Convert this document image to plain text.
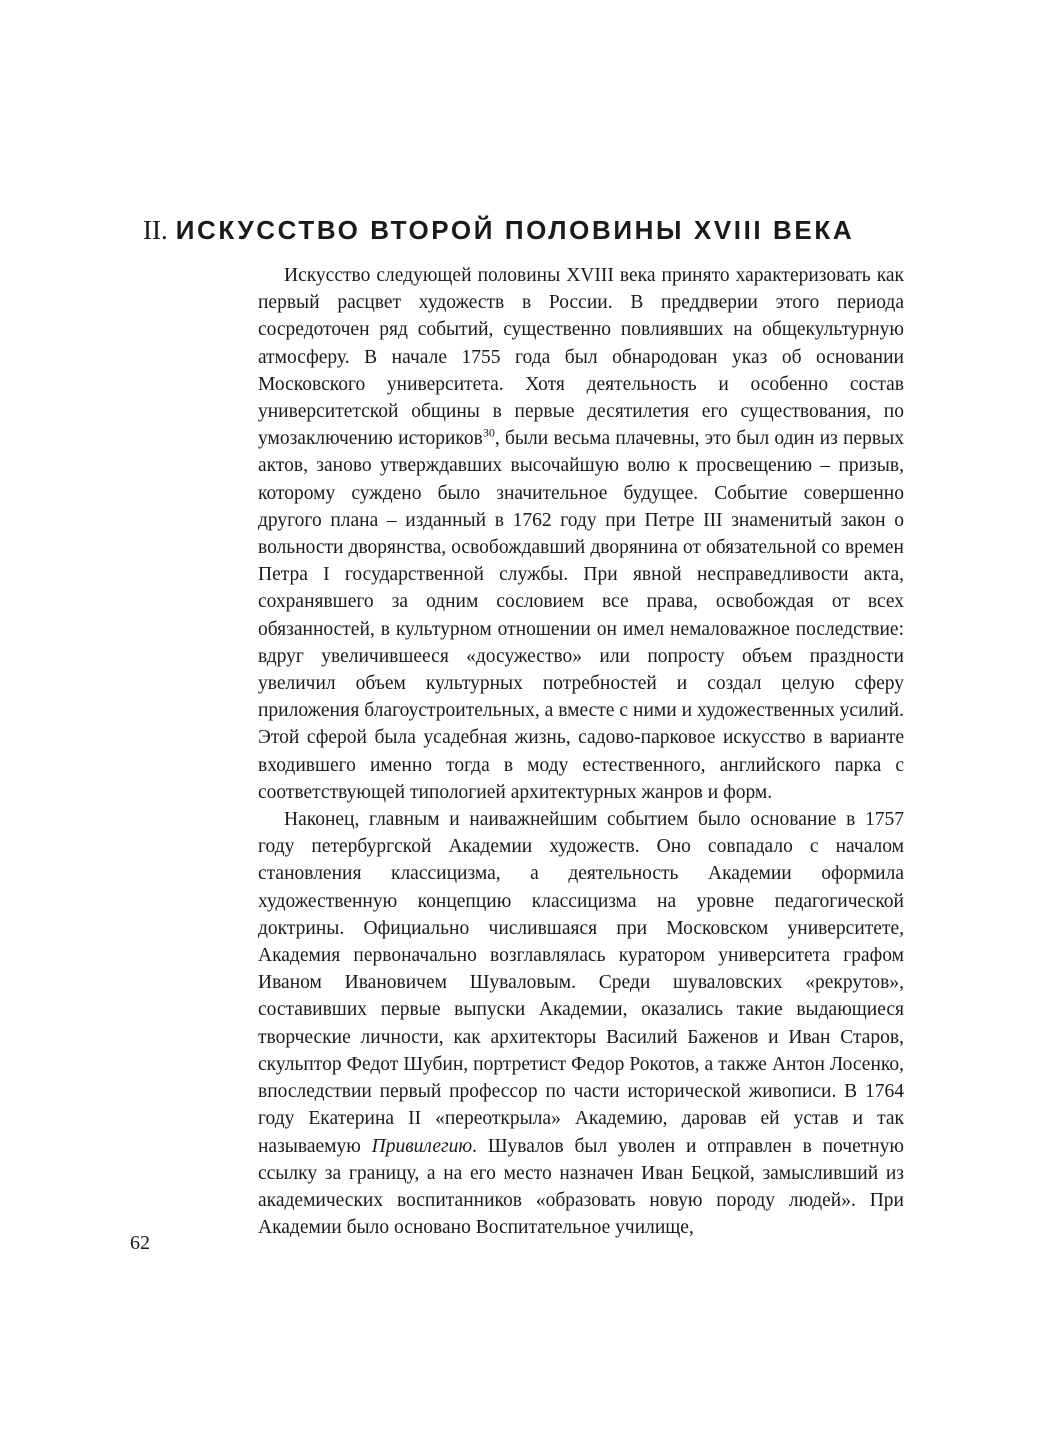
II. ИСКУССТВО ВТОРОЙ ПОЛОВИНЫ XVIII ВЕКА

Искусство следующей половины XVIII века принято характеризовать как первый расцвет художеств в России. В преддверии этого периода сосредоточен ряд событий, существенно повлиявших на общекультурную атмосферу. В начале 1755 года был обнародован указ об основании Московского университета. Хотя деятельность и особенно состав университетской общины в первые десятилетия его существования, по умозаключению историков$^{30}$, были весьма плачевны, это был один из первых актов, заново утверждавших высочайшую волю к просвещению – призыв, которому суждено было значительное будущее. Событие совершенно другого плана – изданный в 1762 году при Петре III знаменитый закон о вольности дворянства, освобождавший дворянина от обязательной со времен Петра I государственной службы. При явной несправедливости акта, сохранявшего за одним сословием все права, освобождая от всех обязанностей, в культурном отношении он имел немаловажное последствие: вдруг увеличившееся «досужество» или попросту объем праздности увеличил объем культурных потребностей и создал целую сферу приложения благоустроительных, а вместе с ними и художественных усилий. Этой сферой была усадебная жизнь, садово-парковое искусство в варианте входившего именно тогда в моду естественного, английского парка с соответствующей типологией архитектурных жанров и форм.

Наконец, главным и наиважнейшим событием было основание в 1757 году петербургской Академии художеств. Оно совпадало с началом становления классицизма, а деятельность Академии оформила художественную концепцию классицизма на уровне педагогической доктрины. Официально числившаяся при Московском университете, Академия первоначально возглавлялась куратором университета графом Иваном Ивановичем Шуваловым. Среди шуваловских «рекрутов», составивших первые выпуски Академии, оказались такие выдающиеся творческие личности, как архитекторы Василий Баженов и Иван Старов, скульптор Федот Шубин, портретист Федор Рокотов, а также Антон Лосенко, впоследствии первый профессор по части исторической живописи. В 1764 году Екатерина II «переоткрыла» Академию, даровав ей устав и так называемую Привилегию. Шувалов был уволен и отправлен в почетную ссылку за границу, а на его место назначен Иван Бецкой, замысливший из академических воспитанников «образовать новую породу людей». При Академии было основано Воспитательное училище,

62
